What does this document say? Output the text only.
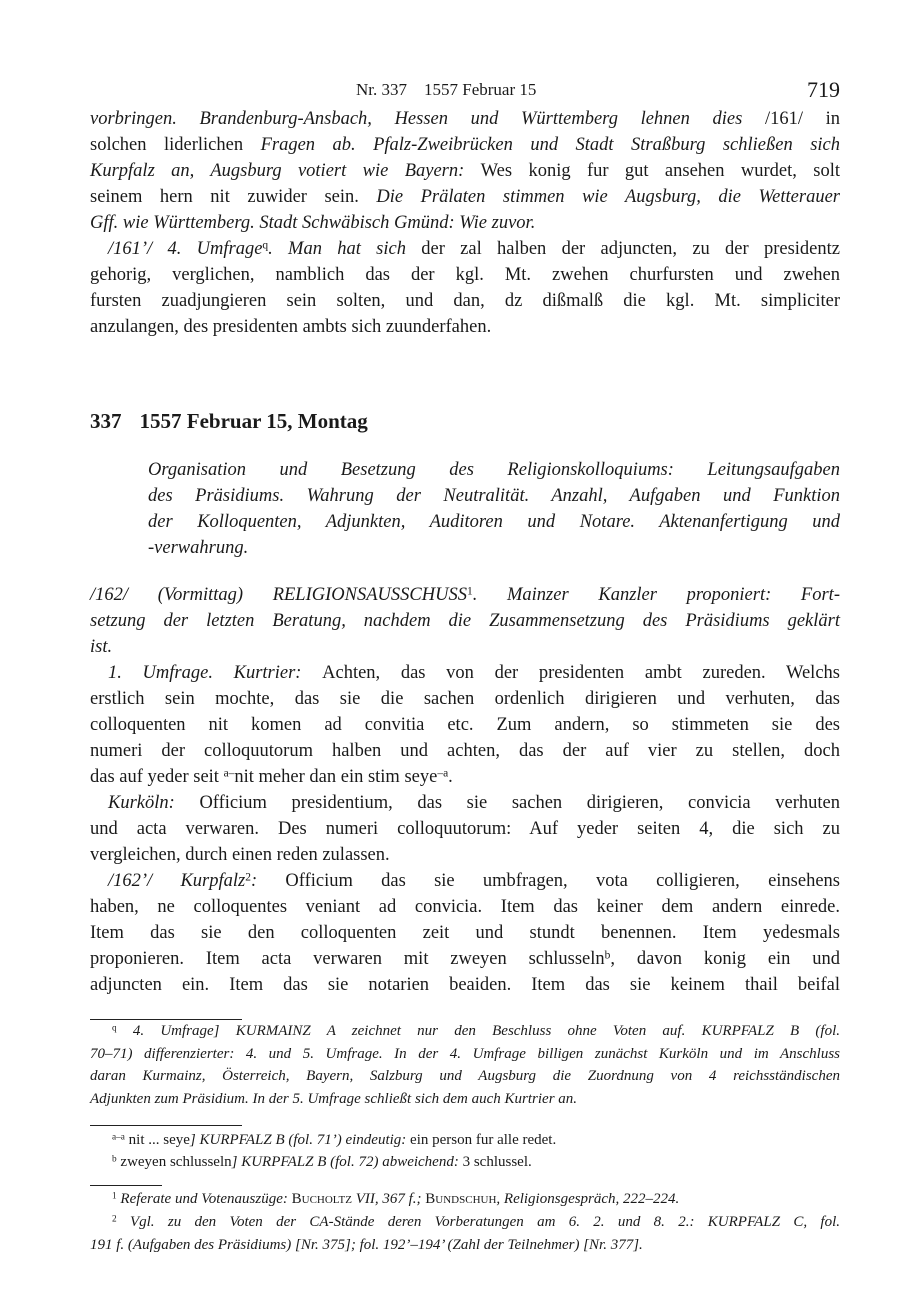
Nr. 337    1557 Februar 15	719
337 1557 Februar 15, Montag
vorbringen. Brandenburg-Ansbach, Hessen und Württemberg lehnen dies /161/ in
solchen liderlichen Fragen ab. Pfalz-Zweibrücken und Stadt Straßburg schließen sich
Kurpfalz an, Augsburg votiert wie Bayern: Wes konig fur gut ansehen wurdet, solt
seinem hern nit zuwider sein. Die Prälaten stimmen wie Augsburg, die Wetterauer
Gff. wie Württemberg. Stadt Schwäbisch Gmünd: Wie zuvor.
/161’/ 4. Umfrage$^q$. Man hat sich der zal halben der adjuncten, zu der presidentz
gehorig, verglichen, namblich das der kgl. Mt. zwehen churfursten und zwehen
fursten zuadjungieren sein solten, und dan, dz dißmalß die kgl. Mt. simpliciter
anzulangen, des presidenten ambts sich zuunderfahen.
Organisation und Besetzung des Religionskolloquiums: Leitungsaufgaben
des Präsidiums. Wahrung der Neutralität. Anzahl, Aufgaben und Funktion
der Kolloquenten, Adjunkten, Auditoren und Notare. Aktenanfertigung und
-verwahrung.
/162/ (Vormittag) RELIGIONSAUSSCHUSS$^1$. Mainzer Kanzler proponiert: Fort-
setzung der letzten Beratung, nachdem die Zusammensetzung des Präsidiums geklärt
ist.
1. Umfrage. Kurtrier: Achten, das von der presidenten ambt zureden. Welchs
erstlich sein mochte, das sie die sachen ordenlich dirigieren und verhuten, das
colloquenten nit komen ad convitia etc. Zum andern, so stimmeten sie des
numeri der colloquutorum halben und achten, das der auf vier zu stellen, doch
das auf yeder seit $^{a-}$nit meher dan ein stim seye$^{-a}$.
Kurköln: Officium presidentium, das sie sachen dirigieren, convicia verhuten
und acta verwaren. Des numeri colloquutorum: Auf yeder seiten 4, die sich zu
vergleichen, durch einen reden zulassen.
/162’/ Kurpfalz$^2$: Officium das sie umbfragen, vota colligieren, einsehens
haben, ne colloquentes veniant ad convicia. Item das keiner dem andern einrede.
Item das sie den colloquenten zeit und stundt benennen. Item yedesmals
proponieren. Item acta verwaren mit zweyen schlusseln$^b$, davon konig ein und
adjuncten ein. Item das sie notarien beaiden. Item das sie keinem thail beifal
$^q$ 4. Umfrage] KURMAINZ A zeichnet nur den Beschluss ohne Voten auf. KURPFALZ B (fol.
70–71) differenzierter: 4. und 5. Umfrage. In der 4. Umfrage billigen zunächst Kurköln und im Anschluss
daran Kurmainz, Österreich, Bayern, Salzburg und Augsburg die Zuordnung von 4 reichsständischen
Adjunkten zum Präsidium. In der 5. Umfrage schließt sich dem auch Kurtrier an.
$^{a-a}$ nit ... seye] KURPFALZ B (fol. 71’) eindeutig: ein person fur alle redet.
$^b$ zweyen schlusseln] KURPFALZ B (fol. 72) abweichend: 3 schlussel.
$^1$ Referate und Votenauszüge: Bucholtz VII, 367 f.; Bundschuh, Religionsgespräch, 222–224.
$^2$ Vgl. zu den Voten der CA-Stände deren Vorberatungen am 6. 2. und 8. 2.: KURPFALZ C, fol.
191 f. (Aufgaben des Präsidiums) [Nr. 375]; fol. 192’–194’ (Zahl der Teilnehmer) [Nr. 377].
